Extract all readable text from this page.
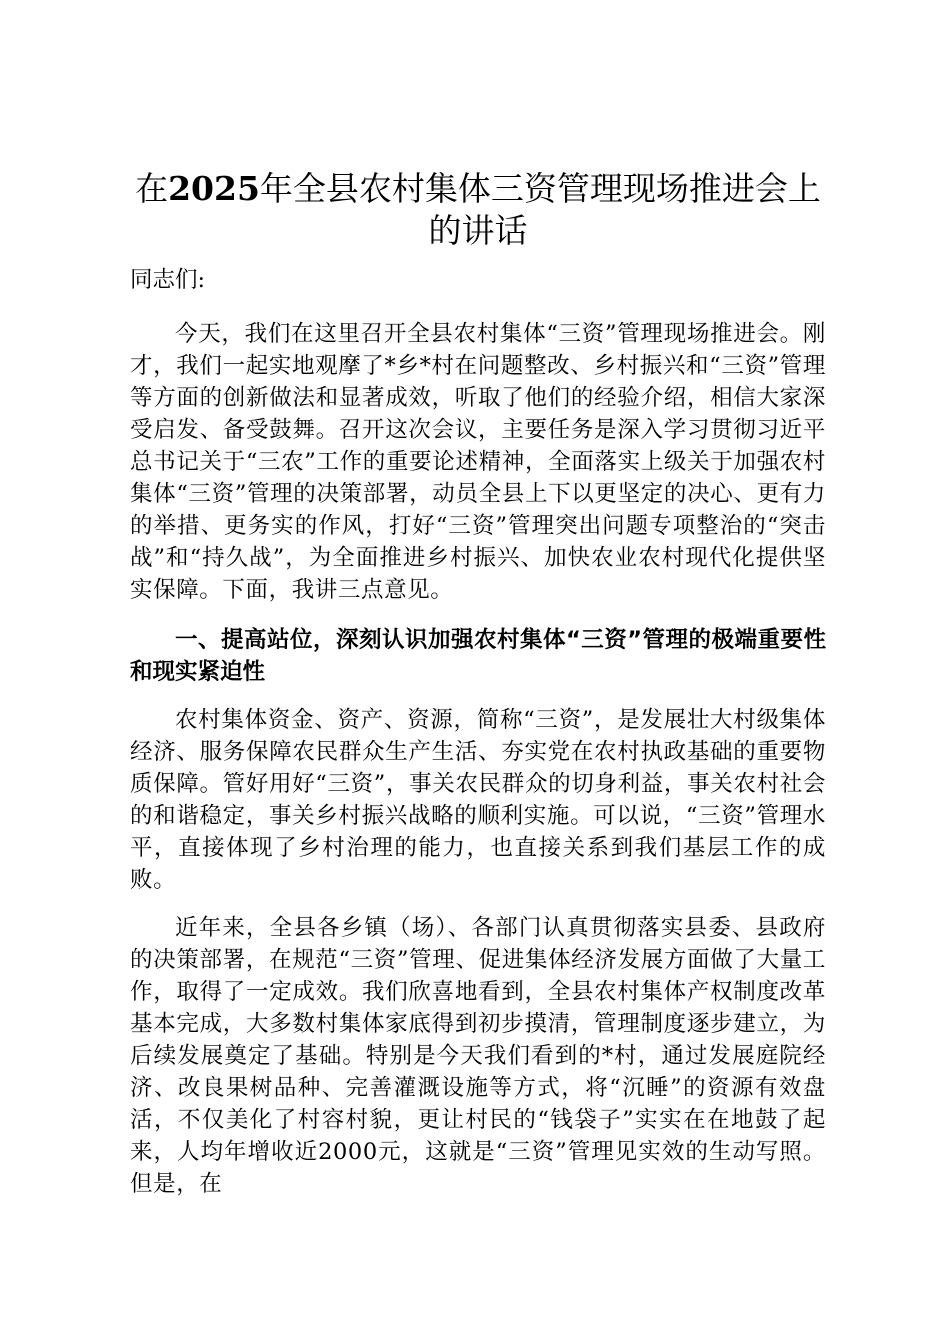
在2025年全县农村集体三资管理现场推进会上的讲话

同志们:

今天，我们在这里召开全县农村集体“三资”管理现场推进会。刚才，我们一起实地观摩了*乡*村在问题整改、乡村振兴和“三资”管理等方面的创新做法和显著成效，听取了他们的经验介绍，相信大家深受启发、备受鼓舞。召开这次会议，主要任务是深入学习贯彻习近平总书记关于“三农”工作的重要论述精神，全面落实上级关于加强农村集体“三资”管理的决策部署，动员全县上下以更坚定的决心、更有力的举措、更务实的作风，打好“三资”管理突出问题专项整治的“突击战”和“持久战”，为全面推进乡村振兴、加快农业农村现代化提供坚实保障。下面，我讲三点意见。

一、提高站位，深刻认识加强农村集体“三资”管理的极端重要性和现实紧迫性

农村集体资金、资产、资源，简称“三资”，是发展壮大村级集体经济、服务保障农民群众生产生活、夯实党在农村执政基础的重要物质保障。管好用好“三资”，事关农民群众的切身利益，事关农村社会的和谐稳定，事关乡村振兴战略的顺利实施。可以说，“三资”管理水平，直接体现了乡村治理的能力，也直接关系到我们基层工作的成败。

近年来，全县各乡镇（场）、各部门认真贯彻落实县委、县政府的决策部署，在规范“三资”管理、促进集体经济发展方面做了大量工作，取得了一定成效。我们欣喜地看到，全县农村集体产权制度改革基本完成，大多数村集体家底得到初步摸清，管理制度逐步建立，为后续发展奠定了基础。特别是今天我们看到的*村，通过发展庭院经济、改良果树品种、完善灌溉设施等方式，将“沉睡”的资源有效盘活，不仅美化了村容村貌，更让村民的“钱袋子”实实在在地鼓了起来，人均年增收近2000元，这就是“三资”管理见实效的生动写照。但是，在
